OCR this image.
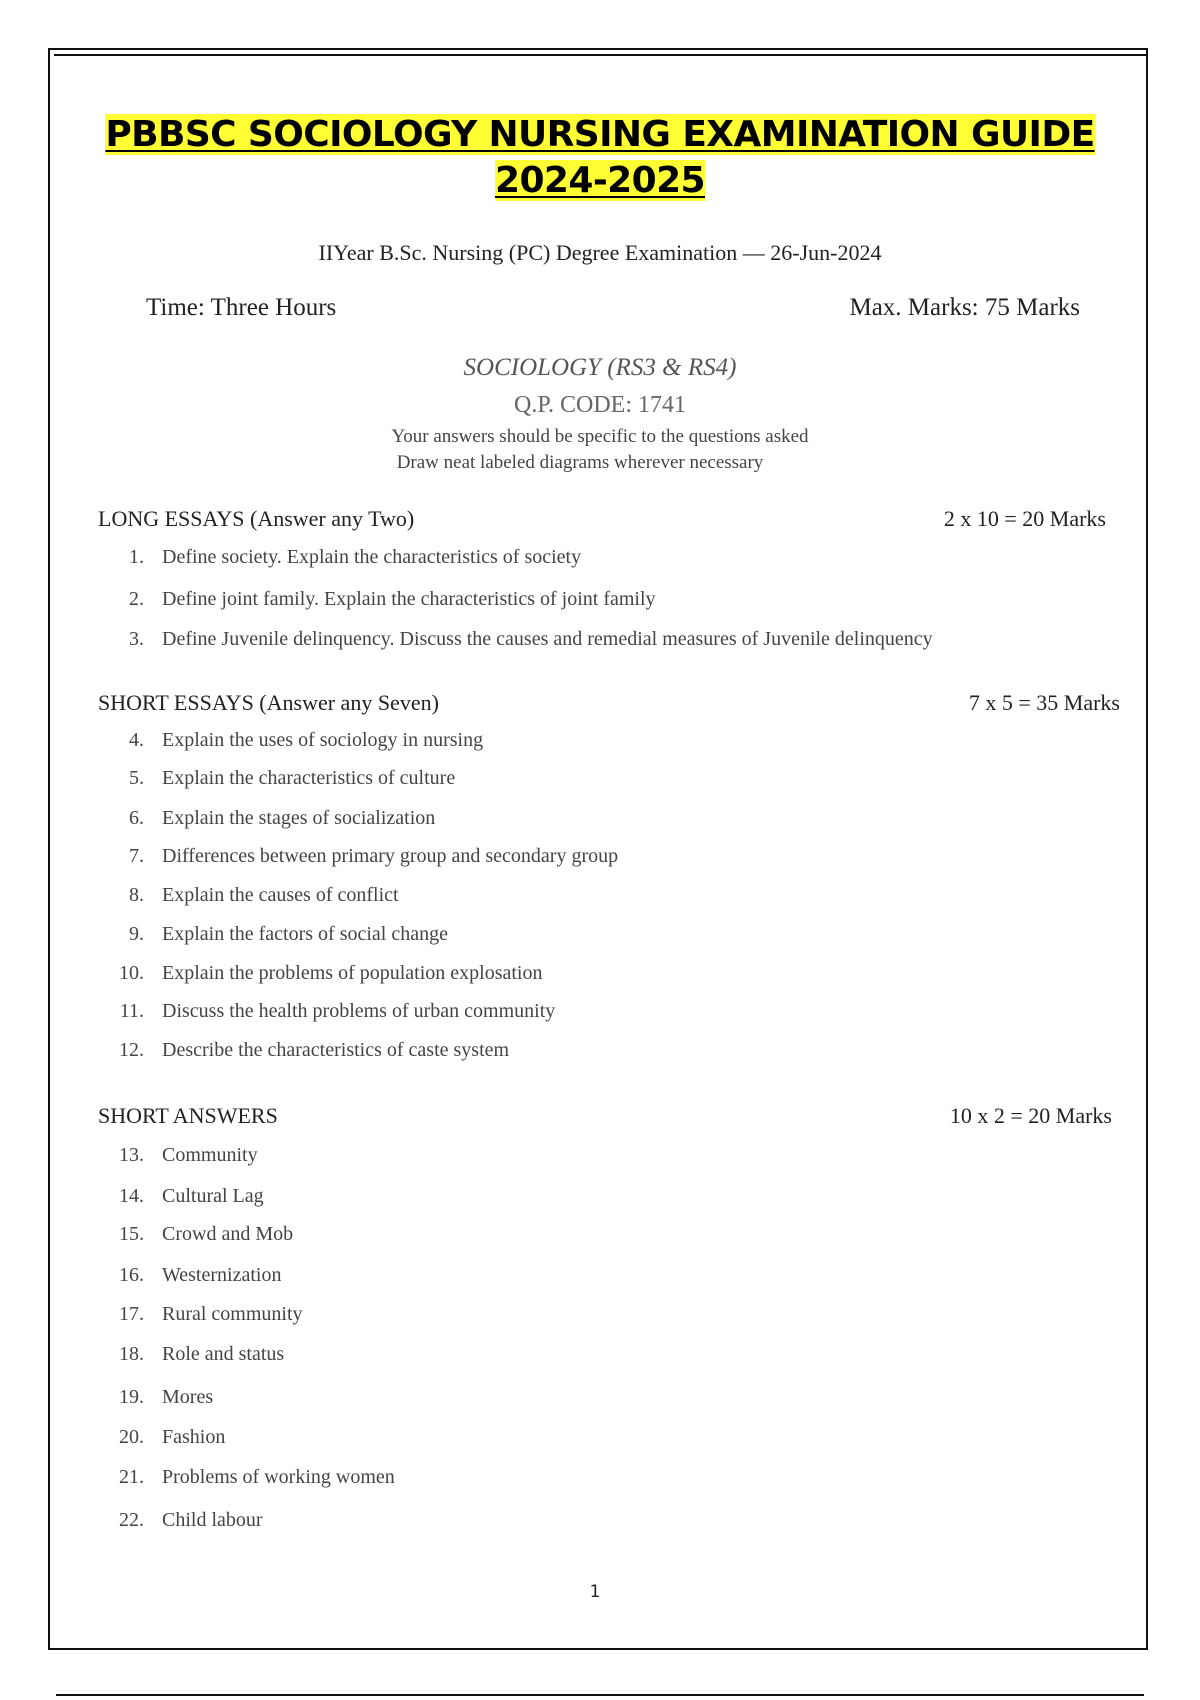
PBBSC SOCIOLOGY NURSING EXAMINATION GUIDE
2024-2025
IIYear B.Sc. Nursing (PC) Degree Examination — 26-Jun-2024
Time: Three Hours	Max. Marks: 75 Marks
SOCIOLOGY (RS3 & RS4)
Q.P. CODE: 1741
Your answers should be specific to the questions asked
Draw neat labeled diagrams wherever necessary
LONG ESSAYS (Answer any Two)	2 x 10 = 20 Marks
1. Define society. Explain the characteristics of society
2. Define joint family. Explain the characteristics of joint family
3. Define Juvenile delinquency. Discuss the causes and remedial measures of Juvenile delinquency
SHORT ESSAYS (Answer any Seven)	7 x 5 = 35 Marks
4. Explain the uses of sociology in nursing
5. Explain the characteristics of culture
6. Explain the stages of socialization
7. Differences between primary group and secondary group
8. Explain the causes of conflict
9. Explain the factors of social change
10. Explain the problems of population explosation
11. Discuss the health problems of urban community
12. Describe the characteristics of caste system
SHORT ANSWERS	10 x 2 = 20 Marks
13. Community
14. Cultural Lag
15. Crowd and Mob
16. Westernization
17. Rural community
18. Role and status
19. Mores
20. Fashion
21. Problems of working women
22. Child labour
1
